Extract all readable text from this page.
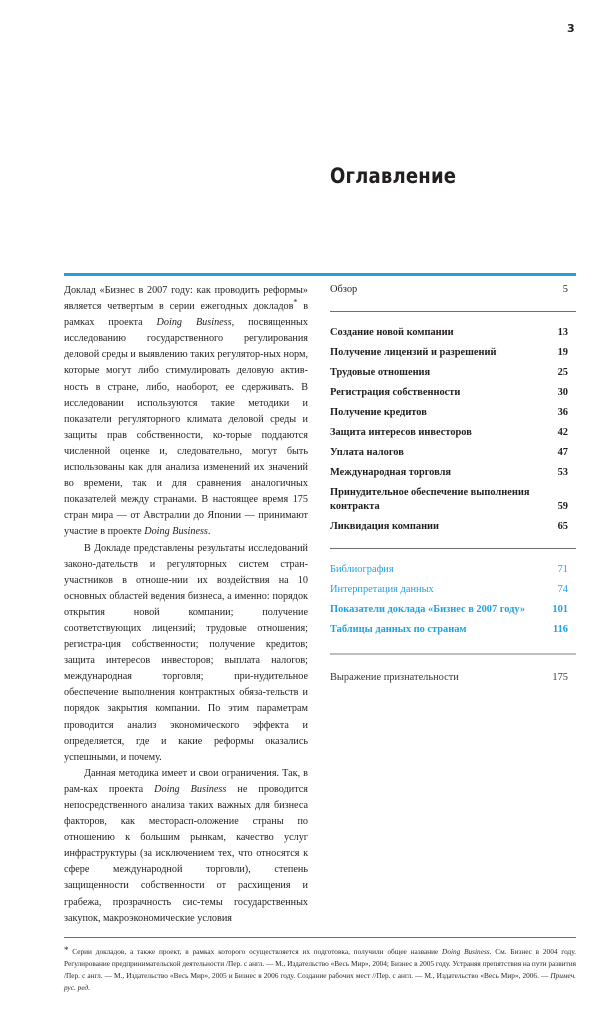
3
Оглавление

Доклад «Бизнес в 2007 году: как проводить реформы» является четвертым в серии ежегодных докладов* в рамках проекта Doing Business, посвященных исследованию государственного регулирования деловой среды и выявлению таких регулятор-ных норм, которые могут либо стимулировать деловую актив-ность в стране, либо, наоборот, ее сдерживать. В исследовании используются такие методики и показатели регуляторного климата деловой среды и защиты прав собственности, ко-торые поддаются численной оценке и, следовательно, могут быть использованы как для анализа изменений их значений во времени, так и для сравнения аналогичных показателей между странами. В настоящее время 175 стран мира — от Австралии до Японии — принимают участие в проекте Doing Business.

В Докладе представлены результаты исследований законо-дательств и регуляторных систем стран-участников в отноше-нии их воздействия на 10 основных областей ведения бизнеса, а именно: порядок открытия новой компании; получение соответствующих лицензий; трудовые отношения; регистра-ция собственности; получение кредитов; защита интересов инвесторов; выплата налогов; международная торговля; при-нудительное обеспечение выполнения контрактных обяза-тельств и порядок закрытия компании. По этим параметрам проводится анализ экономического эффекта и определяется, где и какие реформы оказались успешными, и почему.

Данная методика имеет и свои ограничения. Так, в рам-ках проекта Doing Business не проводится непосредственного анализа таких важных для бизнеса факторов, как месторасп-оложение страны по отношению к большим рынкам, качество услуг инфраструктуры (за исключением тех, что относятся к сфере международной торговли), степень защищенности собственности от расхищения и грабежа, прозрачность сис-темы государственных закупок, макроэкономические условия

Обзор	5
Создание новой компании	13
Получение лицензий и разрешений	19
Трудовые отношения	25
Регистрация собственности	30
Получение кредитов	36
Защита интересов инвесторов	42
Уплата налогов	47
Международная торговля	53
Принудительное обеспечение выполнения
контракта	59
Ликвидация компании	65
Библиография	71
Интерпретация данных	74
Показатели доклада «Бизнес в 2007 году»	101
Таблицы данных по странам	116
Выражение признательности	175
* Серии докладов, а также проект, в рамках которого осуществляется их подготовка, получили общее название Doing Business. См. Бизнес в 2004 году. Регулирование предпринимательской деятельности /Пер. с англ. — М., Издательство «Весь Мир», 2004; Бизнес в 2005 году. Устраняя препятствия на пути развития /Пер. с англ. — М., Издательство «Весь Мир», 2005 и Бизнес в 2006 году. Создание рабочих мест //Пер. с англ. — М., Издательство «Весь Мир», 2006. — Примеч. рус. ред.
